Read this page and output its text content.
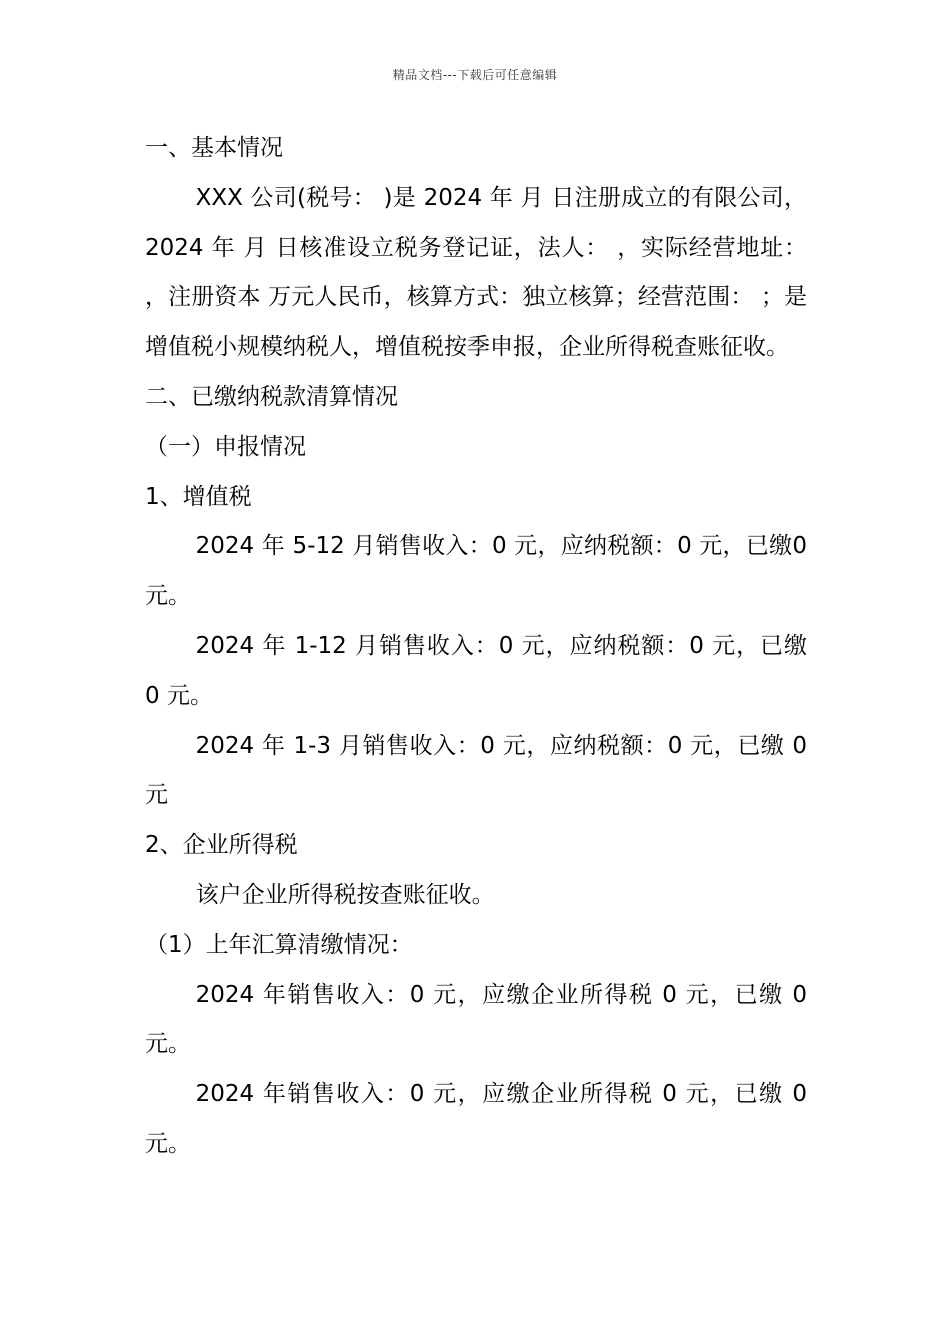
精品文档---下载后可任意编辑

一、基本情况

XXX 公司(税号： )是 2024 年 月 日注册成立的有限公司，2024 年 月 日核准设立税务登记证，法人： ，实际经营地址： ，注册资本 万元人民币，核算方式：独立核算；经营范围： ；是增值税小规模纳税人，增值税按季申报，企业所得税查账征收。

二、已缴纳税款清算情况

（一）申报情况

1、增值税

2024 年 5-12 月销售收入：0 元，应纳税额：0 元，已缴0 元。

2024 年 1-12 月销售收入：0 元，应纳税额：0 元，已缴 0 元。

2024 年 1-3 月销售收入：0 元，应纳税额：0 元，已缴 0 元

2、企业所得税

该户企业所得税按查账征收。

（1）上年汇算清缴情况：

2024 年销售收入：0 元，应缴企业所得税 0 元，已缴 0 元。

2024 年销售收入：0 元，应缴企业所得税 0 元，已缴 0 元。
